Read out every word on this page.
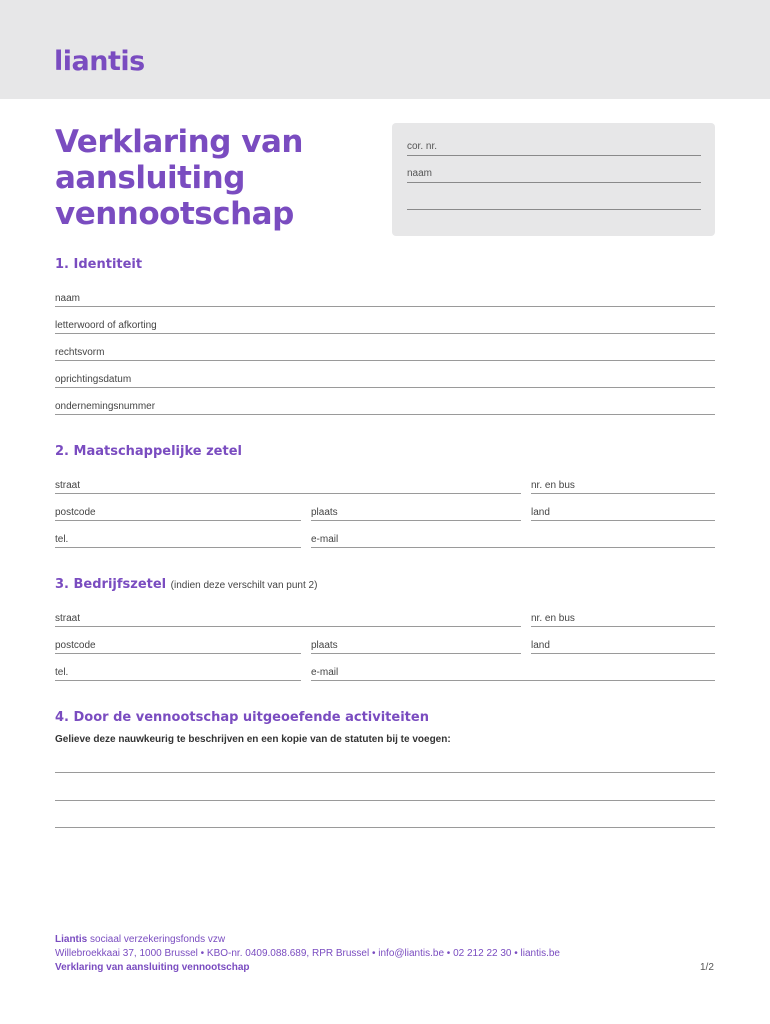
liantis
Verklaring van
aansluiting
vennootschap
cor. nr.
naam
1. Identiteit
naam
letterwoord of afkorting
rechtsvorm
oprichtingsdatum
ondernemingsnummer
2. Maatschappelijke zetel
straat	nr. en bus
postcode	plaats	land
tel.	e-mail
3. Bedrijfszetel (indien deze verschilt van punt 2)
straat	nr. en bus
postcode	plaats	land
tel.	e-mail
4. Door de vennootschap uitgeoefende activiteiten
Gelieve deze nauwkeurig te beschrijven en een kopie van de statuten bij te voegen:
Liantis sociaal verzekeringsfonds vzw
Willebroekkaai 37, 1000 Brussel • KBO-nr. 0409.088.689, RPR Brussel • info@liantis.be • 02 212 22 30 • liantis.be
Verklaring van aansluiting vennootschap	1/2
